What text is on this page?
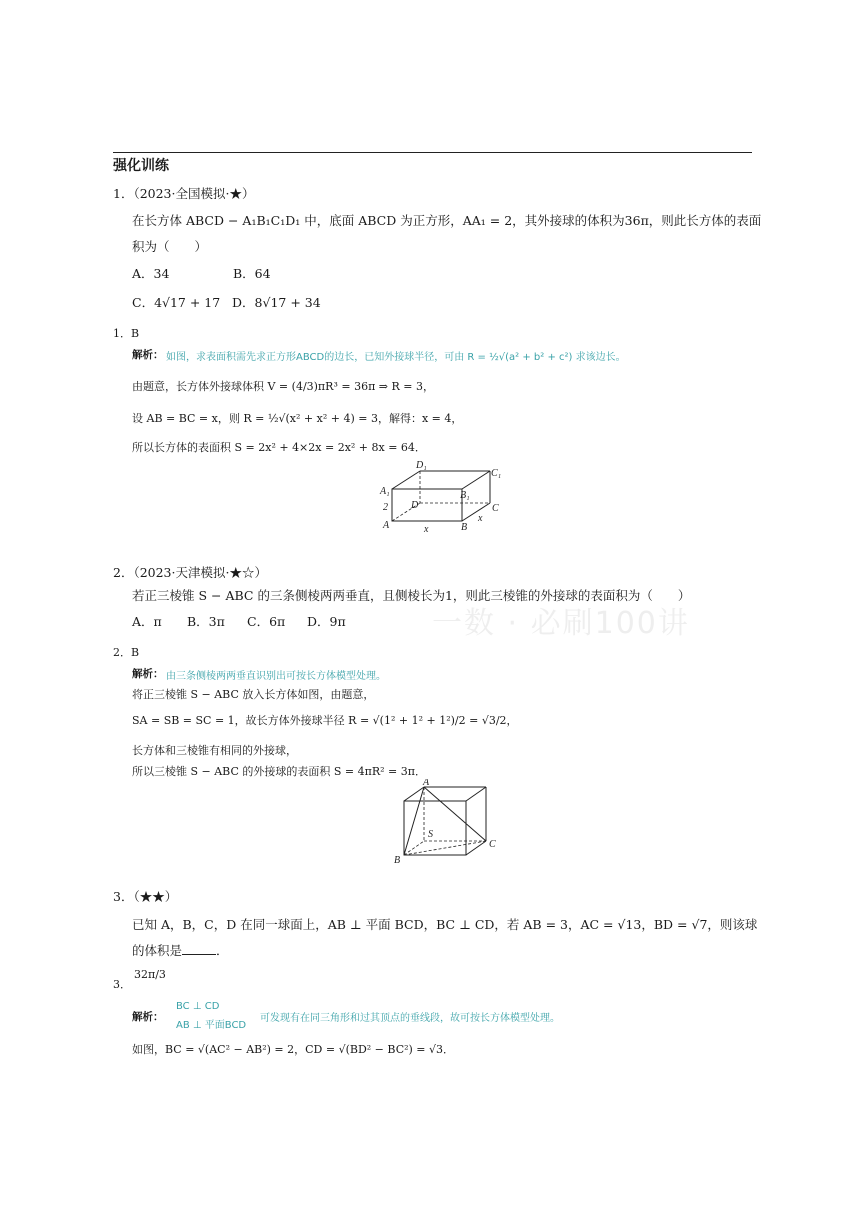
强化训练
一数 · 必刷100讲
1．（2023·全国模拟·★）
在长方体 ABCD − A₁B₁C₁D₁ 中，底面 ABCD 为正方形，AA₁ = 2，其外接球的体积为36π，则此长方体的表面
积为（　　）
A．34	B．64
C．4√17 + 17 D．8√17 + 34
1．B
解析： 如图，求表面积需先求正方形ABCD的边长，已知外接球半径，可由 R = ½√(a² + b² + c²) 求该边长。
由题意，长方体外接球体积 V = (4/3)πR³ = 36π ⇒ R = 3，
设 AB = BC = x，则 R = ½√(x² + x² + 4) = 3，解得：x = 4，
所以长方体的表面积 S = 2x² + 4×2x = 2x² + 8x = 64．
D₁
C₁
A₁	B₁
D	C
A	B
2
x
x
2．（2023·天津模拟·★☆）
若正三棱锥 S − ABC 的三条侧棱两两垂直，且侧棱长为1，则此三棱锥的外接球的表面积为（　　）
A．π B．3π C．6π D．9π
2．B
解析： 由三条侧棱两两垂直识别出可按长方体模型处理。
将正三棱锥 S − ABC 放入长方体如图，由题意，
SA = SB = SC = 1，故长方体外接球半径 R = √(1² + 1² + 1²)/2 = √3/2，
长方体和三棱锥有相同的外接球，
所以三棱锥 S − ABC 的外接球的表面积 S = 4πR² = 3π．
A
S
B
C
3．（★★）
已知 A，B，C，D 在同一球面上，AB ⊥ 平面 BCD，BC ⊥ CD，若 AB = 3，AC = √13，BD = √7，则该球
的体积是	．
3．
32π/3
解析：
BC ⊥ CD
AB ⊥ 平面BCD
可发现有在同三角形和过其顶点的垂线段，故可按长方体模型处理。
如图，BC = √(AC² − AB²) = 2，CD = √(BD² − BC²) = √3．
